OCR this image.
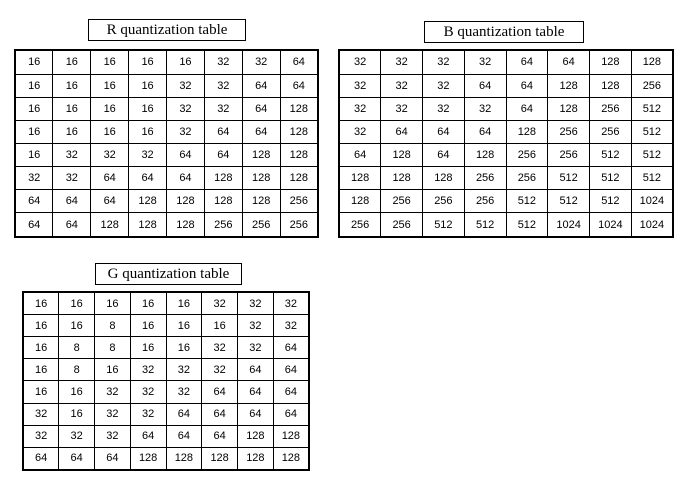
R quantization table
16	16	16	16	16	32	32	64
16	16	16	16	32	32	64	64
16	16	16	16	32	32	64	128
16	16	16	16	32	64	64	128
16	32	32	32	64	64	128	128
32	32	64	64	64	128	128	128
64	64	64	128	128	128	128	256
64	64	128	128	128	256	256	256
B quantization table
32	32	32	32	64	64	128	128
32	32	32	64	64	128	128	256
32	32	32	32	64	128	256	512
32	64	64	64	128	256	256	512
64	128	64	128	256	256	512	512
128	128	128	256	256	512	512	512
128	256	256	256	512	512	512	1024
256	256	512	512	512	1024	1024	1024
G quantization table
16	16	16	16	16	32	32	32
16	16	8	16	16	16	32	32
16	8	8	16	16	32	32	64
16	8	16	32	32	32	64	64
16	16	32	32	32	64	64	64
32	16	32	32	64	64	64	64
32	32	32	64	64	64	128	128
64	64	64	128	128	128	128	128
